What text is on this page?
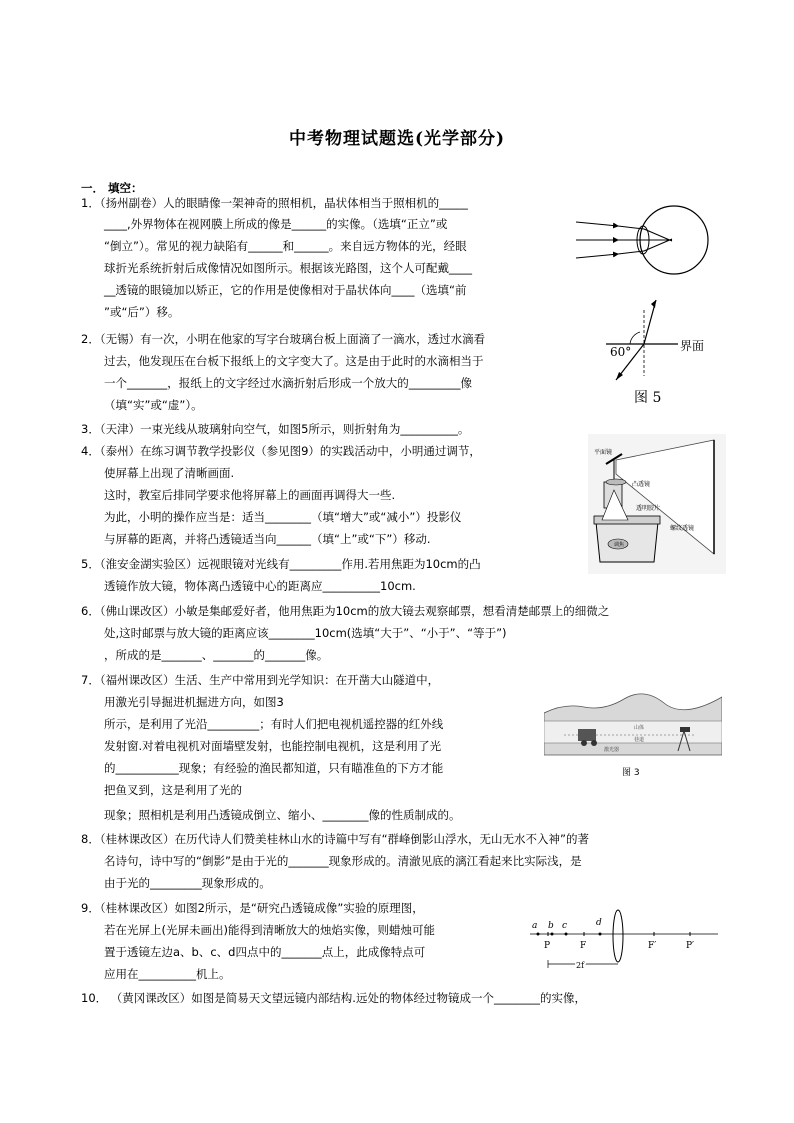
中考物理试题选(光学部分)
一． 填空：
1．（扬州副卷）人的眼睛像一架神奇的照相机，晶状体相当于照相机的_____
____,外界物体在视网膜上所成的像是______的实像。（选填“正立”或
“倒立”）。常见的视力缺陷有______和______。来自远方物体的光，经眼
球折光系统折射后成像情况如图所示。根据该光路图，这个人可配戴____
__透镜的眼镜加以矫正，它的作用是使像相对于晶状体向____（选填“前
”或“后”）移。
2．（无锡）有一次，小明在他家的写字台玻璃台板上面滴了一滴水，透过水滴看
过去，他发现压在台板下报纸上的文字变大了。这是由于此时的水滴相当于
一个_______，报纸上的文字经过水滴折射后形成一个放大的_________像
（填“实”或“虚”）。
3．（天津）一束光线从玻璃射向空气，如图5所示，则折射角为__________。
4．（泰州）在练习调节教学投影仪（参见图9）的实践活动中，小明通过调节，
使屏幕上出现了清晰画面.
这时，教室后排同学要求他将屏幕上的画面再调得大一些.
为此，小明的操作应当是：适当________（填“增大”或“减小”）投影仪
与屏幕的距离，并将凸透镜适当向______（填“上”或“下”）移动.
5．（淮安金湖实验区）远视眼镜对光线有_________作用.若用焦距为10cm的凸
透镜作放大镜，物体离凸透镜中心的距离应__________10cm.
6．（佛山课改区）小敏是集邮爱好者，他用焦距为10cm的放大镜去观察邮票，想看清楚邮票上的细微之
处,这时邮票与放大镜的距离应该________10cm(选填“大于”、“小于”、“等于”)
，所成的是_______、_______的_______像。
7．（福州课改区）生活、生产中常用到光学知识：在开凿大山隧道中，
用激光引导掘进机掘进方向，如图3
所示，是利用了光沿_________；有时人们把电视机遥控器的红外线
发射窗.对着电视机对面墙壁发射，也能控制电视机，这是利用了光
的___________现象；有经验的渔民都知道，只有瞄准鱼的下方才能
把鱼叉到，这是利用了光的
现象；照相机是利用凸透镜成倒立、缩小、________像的性质制成的。
8．（桂林课改区）在历代诗人们赞美桂林山水的诗篇中写有“群峰倒影山浮水，无山无水不入神”的著
名诗句，诗中写的“倒影”是由于光的_______现象形成的。清澈见底的漓江看起来比实际浅，是
由于光的_________现象形成的。
9．（桂林课改区）如图2所示，是“研究凸透镜成像”实验的原理图，
若在光屏上(光屏未画出)能得到清晰放大的烛焰实像，则蜡烛可能
置于透镜左边a、b、c、d四点中的_______点上，此成像特点可
应用在__________机上。
10． （黄冈课改区）如图是简易天文望远镜内部结构.远处的物体经过物镜成一个________的实像，
60°	界面
图 5
平面镜
凸透镜
透明胶片
螺纹透镜
调焦
山体
巷道
激光器
图 3
a b c	d
P	F	F′	P′
2f
